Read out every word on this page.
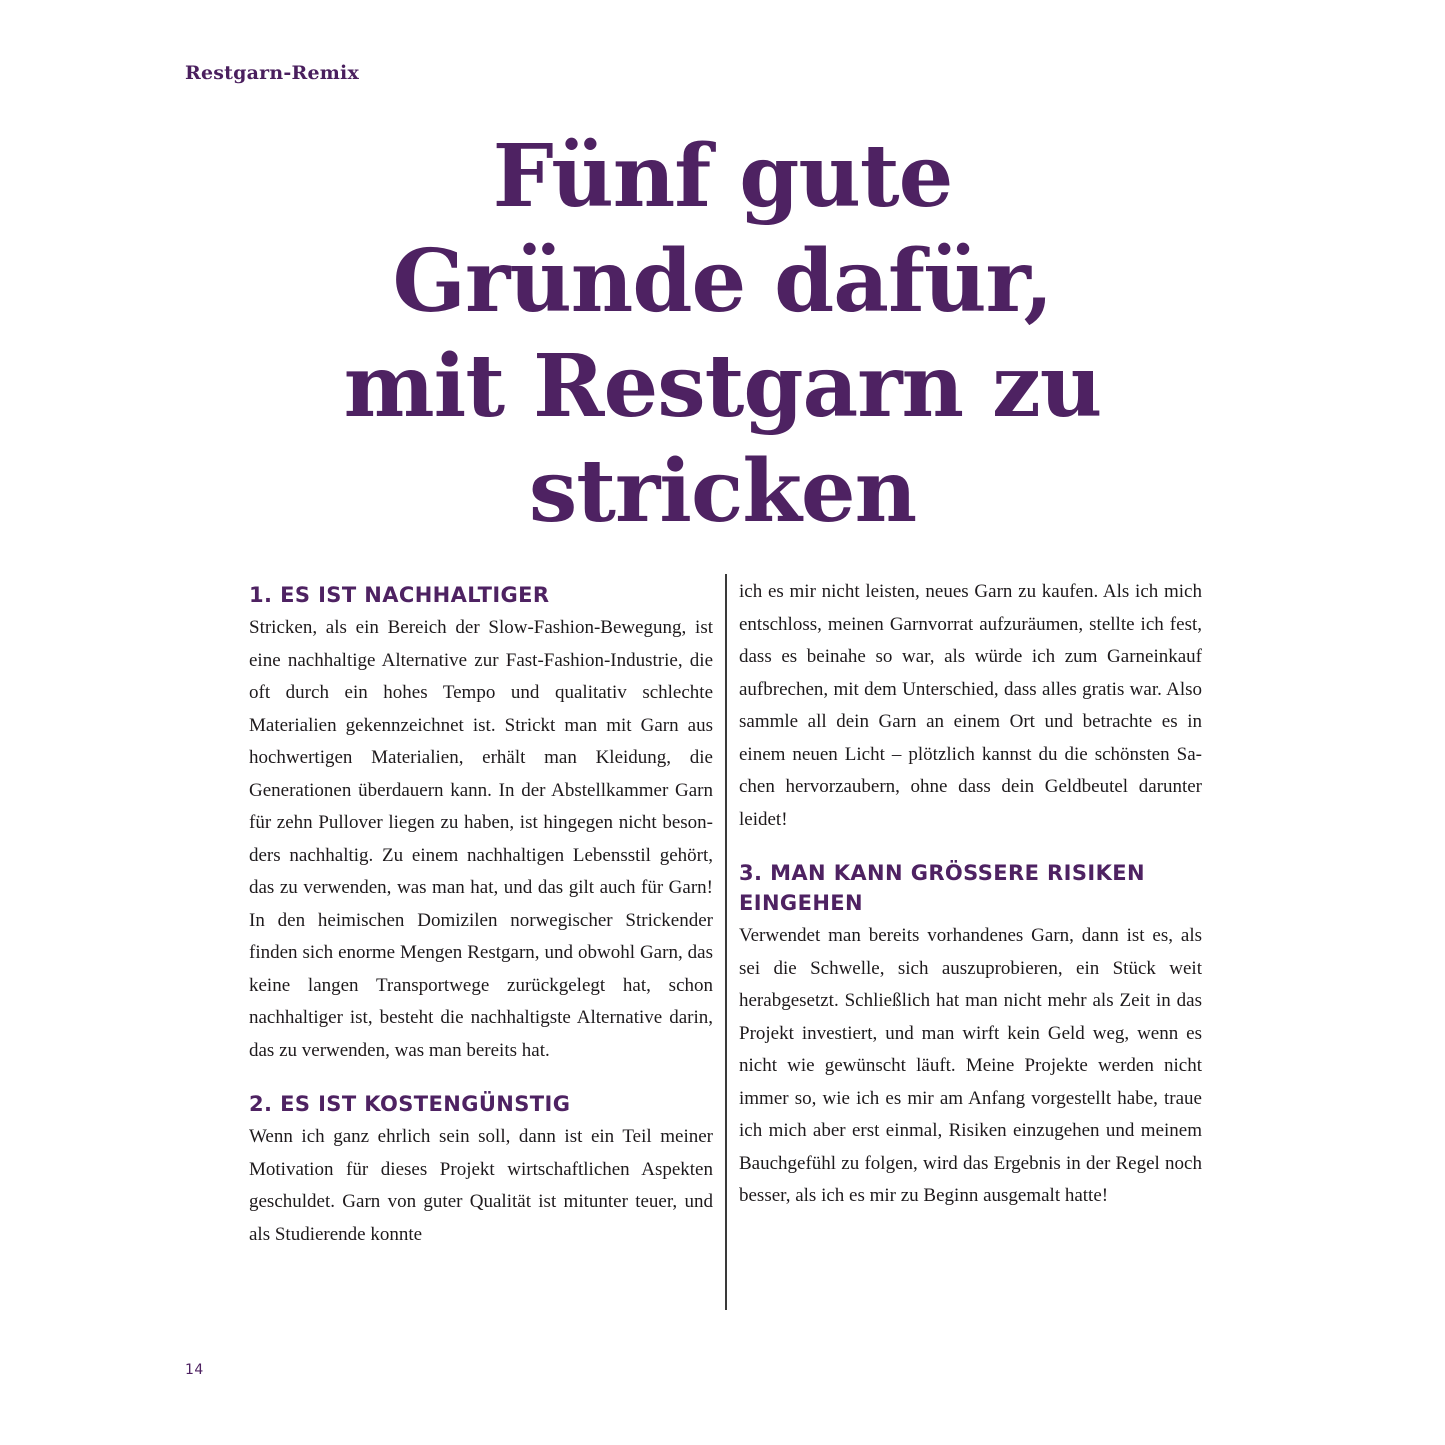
Restgarn-Remix
Fünf gute
Gründe dafür,
mit Restgarn zu
stricken
1. ES IST NACHHALTIGER

Stricken, als ein Bereich der Slow-Fashion-Bewegung, ist eine nachhaltige Alternative zur Fast-Fashion-Industrie, die oft durch ein hohes Tempo und qualitativ schlechte Materialien gekennzeichnet ist. Strickt man mit Garn aus hochwertigen Materialien, erhält man Kleidung, die Generationen überdauern kann. In der Abstellkammer Garn für zehn Pullover liegen zu haben, ist hingegen nicht besonders nachhaltig. Zu einem nachhaltigen Lebensstil gehört, das zu verwenden, was man hat, und das gilt auch für Garn! In den heimischen Domizilen norwegischer Strickender finden sich enorme Mengen Restgarn, und obwohl Garn, das keine langen Transportwege zurückgelegt hat, schon nachhaltiger ist, besteht die nachhaltigste Alternative darin, das zu verwenden, was man bereits hat.

2. ES IST KOSTENGÜNSTIG

Wenn ich ganz ehrlich sein soll, dann ist ein Teil meiner Motivation für dieses Projekt wirtschaftlichen Aspekten geschuldet. Garn von guter Qualität ist mitunter teuer, und als Studierende konnte

ich es mir nicht leisten, neues Garn zu kaufen. Als ich mich entschloss, meinen Garnvorrat aufzuräumen, stellte ich fest, dass es beinahe so war, als würde ich zum Garneinkauf aufbrechen, mit dem Unterschied, dass alles gratis war. Also sammle all dein Garn an einem Ort und betrachte es in einem neuen Licht – plötzlich kannst du die schönsten Sachen hervorzaubern, ohne dass dein Geldbeutel darunter leidet!

3. MAN KANN GRÖSSERE RISIKEN EINGEHEN

Verwendet man bereits vorhandenes Garn, dann ist es, als sei die Schwelle, sich auszuprobieren, ein Stück weit herabgesetzt. Schließlich hat man nicht mehr als Zeit in das Projekt investiert, und man wirft kein Geld weg, wenn es nicht wie gewünscht läuft. Meine Projekte werden nicht immer so, wie ich es mir am Anfang vorgestellt habe, traue ich mich aber erst einmal, Risiken einzugehen und meinem Bauchgefühl zu folgen, wird das Ergebnis in der Regel noch besser, als ich es mir zu Beginn ausgemalt hatte!

14
